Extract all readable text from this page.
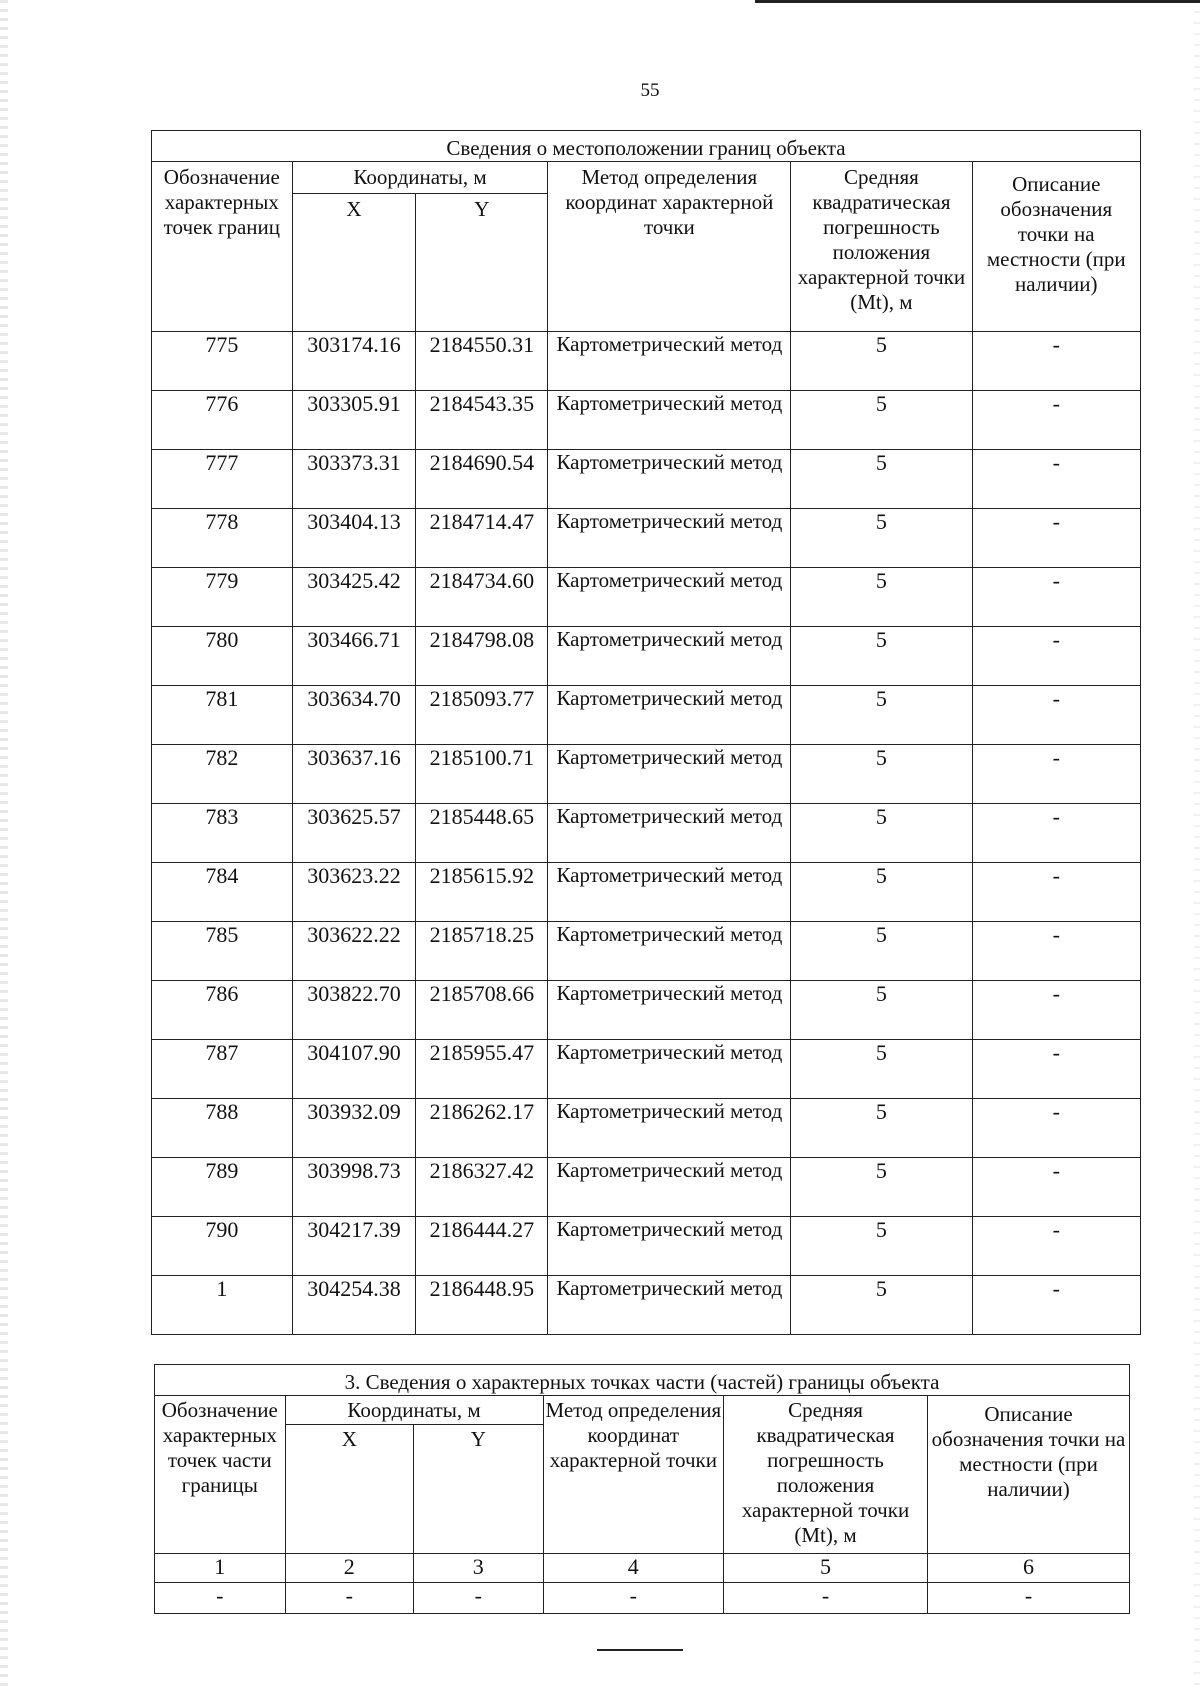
55
Сведения о местоположении границ объекта					
Обозначение характерных точек границ	Координаты, м		Метод определения координат характерной точки	Средняя квадратическая погрешность положения характерной точки (Mt), м	Описание обозначения точки на местности (при наличии)
	X	Y			
775	303174.16	2184550.31	Картометрический метод	5	-
776	303305.91	2184543.35	Картометрический метод	5	-
777	303373.31	2184690.54	Картометрический метод	5	-
778	303404.13	2184714.47	Картометрический метод	5	-
779	303425.42	2184734.60	Картометрический метод	5	-
780	303466.71	2184798.08	Картометрический метод	5	-
781	303634.70	2185093.77	Картометрический метод	5	-
782	303637.16	2185100.71	Картометрический метод	5	-
783	303625.57	2185448.65	Картометрический метод	5	-
784	303623.22	2185615.92	Картометрический метод	5	-
785	303622.22	2185718.25	Картометрический метод	5	-
786	303822.70	2185708.66	Картометрический метод	5	-
787	304107.90	2185955.47	Картометрический метод	5	-
788	303932.09	2186262.17	Картометрический метод	5	-
789	303998.73	2186327.42	Картометрический метод	5	-
790	304217.39	2186444.27	Картометрический метод	5	-
1	304254.38	2186448.95	Картометрический метод	5	-
3. Сведения о характерных точках части (частей) границы объекта					
Обозначение характерных точек части границы	Координаты, м		Метод определения координат характерной точки	Средняя квадратическая погрешность положения характерной точки (Mt), м	Описание обозначения точки на местности (при наличии)
	X	Y			
1	2	3	4	5	6
-	-	-	-	-	-
